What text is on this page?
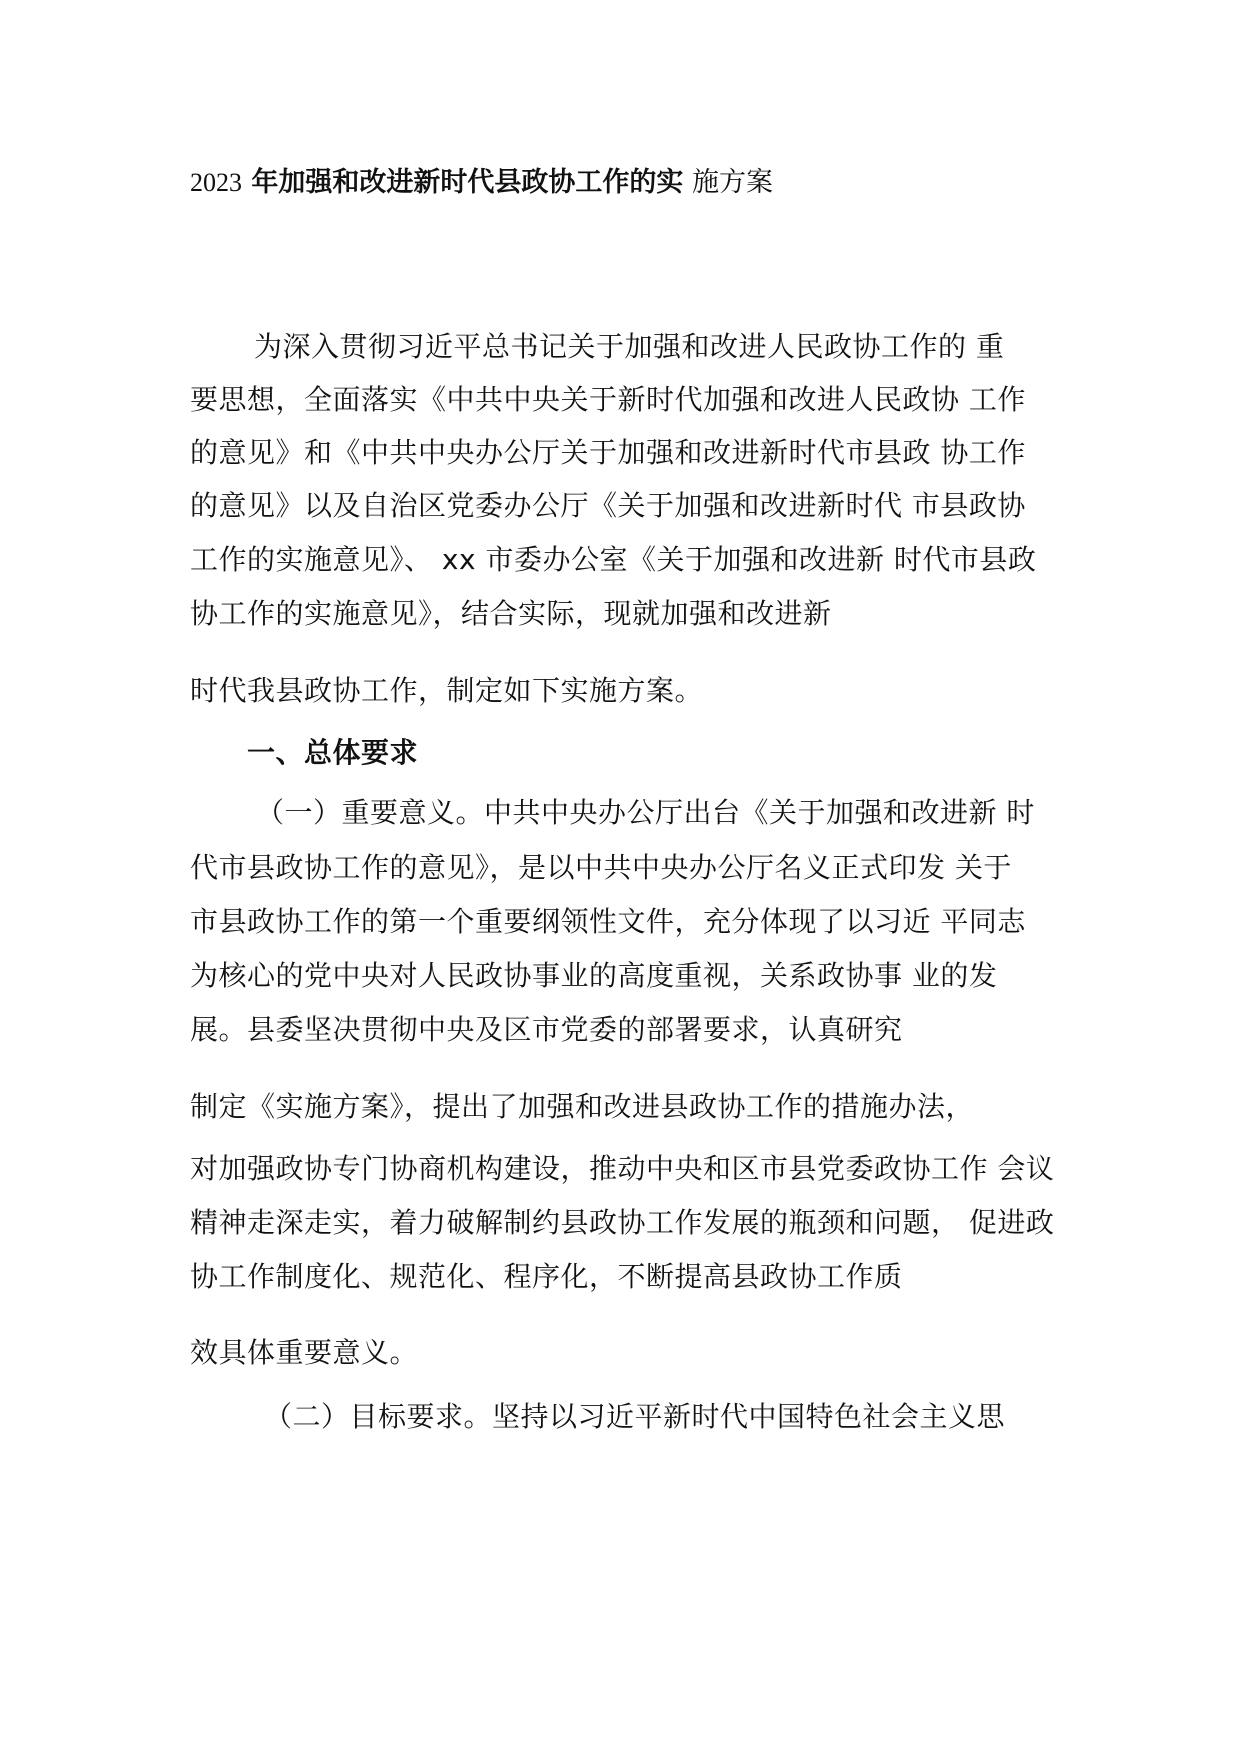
2023 年加强和改进新时代县政协工作的实 施方案
为深入贯彻习近平总书记关于加强和改进人民政协工作的 重
要思想，全面落实《中共中央关于新时代加强和改进人民政协 工作
的意见》和《中共中央办公厅关于加强和改进新时代市县政 协工作
的意见》以及自治区党委办公厅《关于加强和改进新时代 市县政协
工作的实施意见》、 xx 市委办公室《关于加强和改进新 时代市县政
协工作的实施意见》，结合实际，现就加强和改进新
时代我县政协工作，制定如下实施方案。
一、总体要求
（一）重要意义。中共中央办公厅出台《关于加强和改进新 时
代市县政协工作的意见》，是以中共中央办公厅名义正式印发 关于
市县政协工作的第一个重要纲领性文件，充分体现了以习近 平同志
为核心的党中央对人民政协事业的高度重视，关系政协事 业的发
展。县委坚决贯彻中央及区市党委的部署要求，认真研究
制定《实施方案》，提出了加强和改进县政协工作的措施办法，
对加强政协专门协商机构建设，推动中央和区市县党委政协工作 会议
精神走深走实，着力破解制约县政协工作发展的瓶颈和问题， 促进政
协工作制度化、规范化、程序化，不断提高县政协工作质
效具体重要意义。
（二）目标要求。坚持以习近平新时代中国特色社会主义思
